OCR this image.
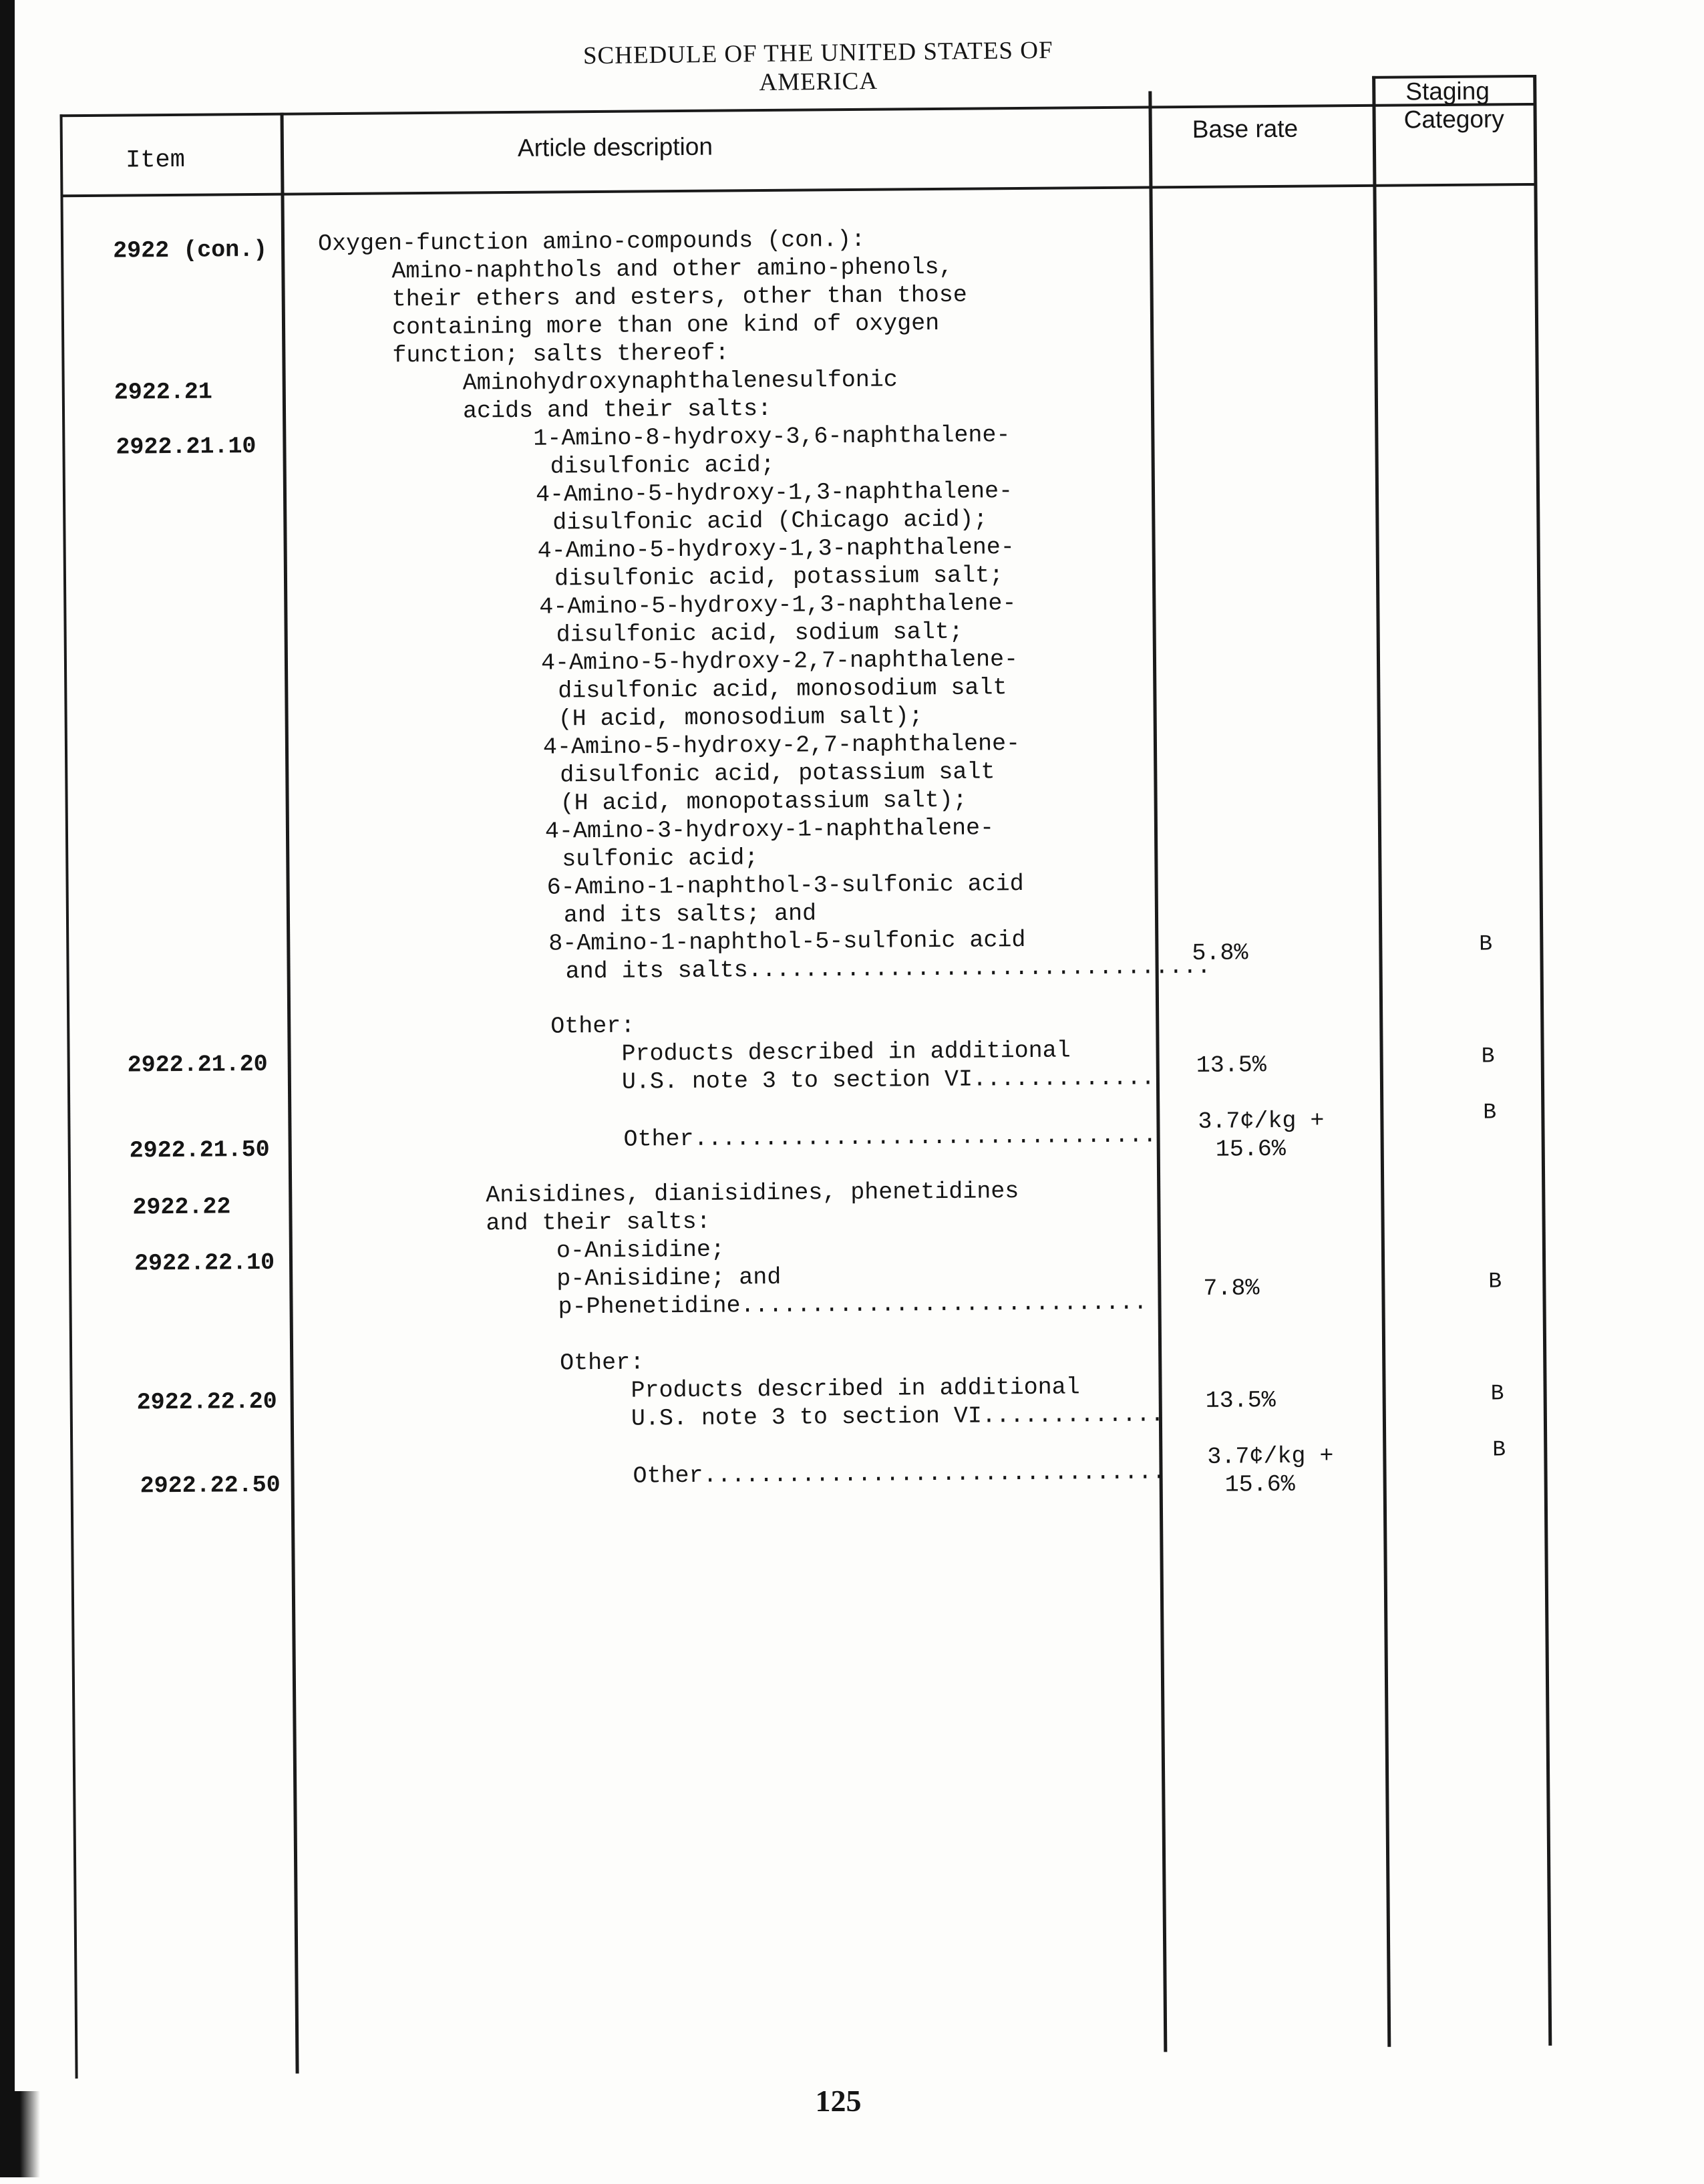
SCHEDULE OF THE UNITED STATES OF AMERICA
Item	Article description
Base rate
Staging
Category
2922 (con.)
2922.21
2922.21.10
2922.21.20
2922.21.50
2922.22
2922.22.10
2922.22.20
2922.22.50
Oxygen-function amino-compounds (con.):
Amino-naphthols and other amino-phenols,
their ethers and esters, other than those
containing more than one kind of oxygen
function; salts thereof:
Aminohydroxynaphthalenesulfonic
acids and their salts:
1-Amino-8-hydroxy-3,6-naphthalene-
disulfonic acid;
4-Amino-5-hydroxy-1,3-naphthalene-
disulfonic acid (Chicago acid);
4-Amino-5-hydroxy-1,3-naphthalene-
disulfonic acid, potassium salt;
4-Amino-5-hydroxy-1,3-naphthalene-
disulfonic acid, sodium salt;
4-Amino-5-hydroxy-2,7-naphthalene-
disulfonic acid, monosodium salt
(H acid, monosodium salt);
4-Amino-5-hydroxy-2,7-naphthalene-
disulfonic acid, potassium salt
(H acid, monopotassium salt);
4-Amino-3-hydroxy-1-naphthalene-
sulfonic acid;
6-Amino-1-naphthol-3-sulfonic acid
and its salts; and
8-Amino-1-naphthol-5-sulfonic acid
and its salts.................................
Other:
Products described in additional
U.S. note 3 to section VI.............
Other.................................
Anisidines, dianisidines, phenetidines
and their salts:
o-Anisidine;
p-Anisidine; and
p-Phenetidine.............................
Other:
Products described in additional
U.S. note 3 to section VI.............
Other.................................
5.8%
13.5%
3.7¢/kg +
15.6%
7.8%
13.5%
3.7¢/kg +
15.6%
B
B
B
B
B
B
125
